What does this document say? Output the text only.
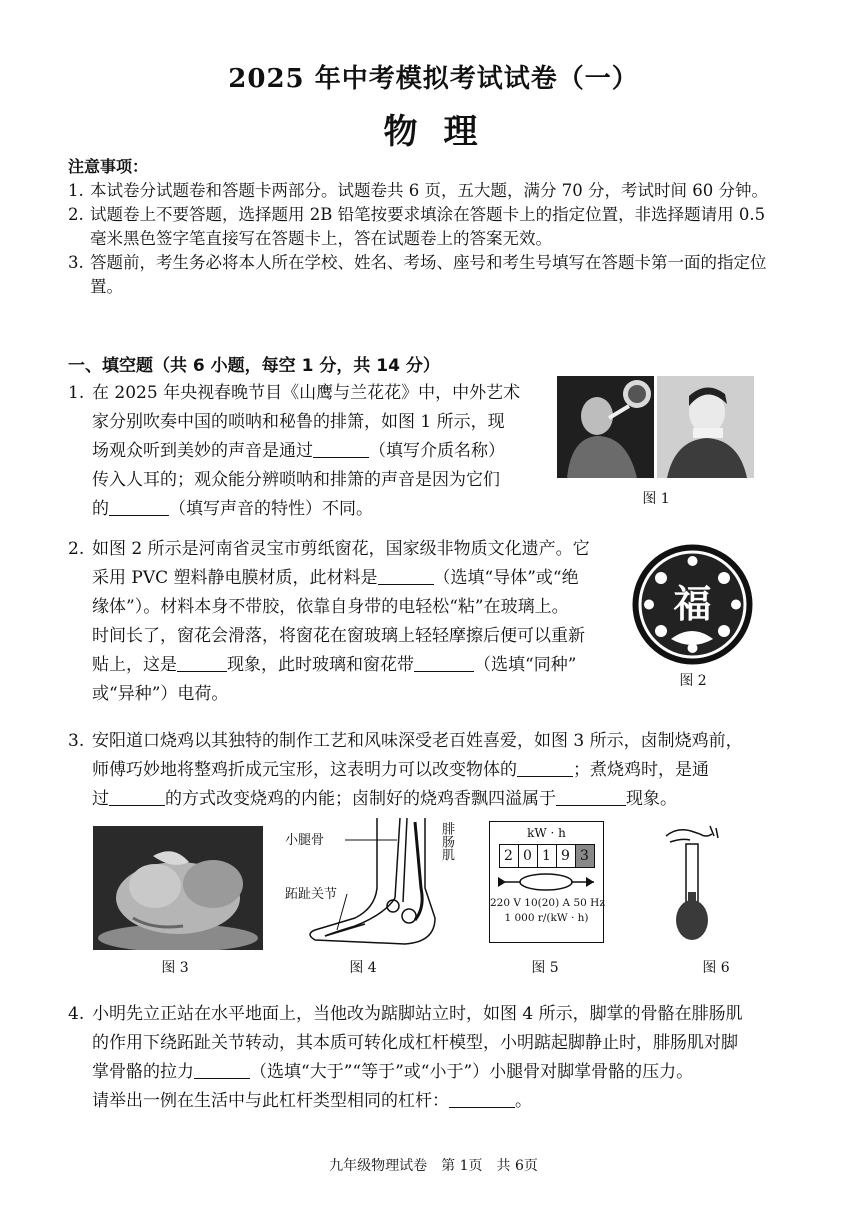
2025 年中考模拟考试试卷（一）
物理
注意事项：
1. 本试卷分试题卷和答题卡两部分。试题卷共 6 页，五大题，满分 70 分，考试时间 60 分钟。
2. 试题卷上不要答题，选择题用 2B 铅笔按要求填涂在答题卡上的指定位置，非选择题请用 0.5 毫米黑色签字笔直接写在答题卡上，答在试题卷上的答案无效。
3. 答题前，考生务必将本人所在学校、姓名、考场、座号和考生号填写在答题卡第一面的指定位置。
一、填空题（共 6 小题，每空 1 分，共 14 分）
1. 在 2025 年央视春晚节目《山鹰与兰花花》中，中外艺术
家分别吹奏中国的唢呐和秘鲁的排箫，如图 1 所示，现
场观众听到美妙的声音是通过	（填写介质名称）
传入人耳的；观众能分辨唢呐和排箫的声音是因为它们
的	（填写声音的特性）不同。	图 1
2. 如图 2 所示是河南省灵宝市剪纸窗花，国家级非物质文化遗产。它
采用 PVC 塑料静电膜材质，此材料是	（选填“导体”或“绝
缘体”）。材料本身不带胶，依靠自身带的电轻松“粘”在玻璃上。
时间长了，窗花会滑落，将窗花在窗玻璃上轻轻摩擦后便可以重新
贴上，这是	现象，此时玻璃和窗花带	（选填“同种”
或“异种”）电荷。
福
图 2
3. 安阳道口烧鸡以其独特的制作工艺和风味深受老百姓喜爱，如图 3 所示，卤制烧鸡前，
师傅巧妙地将整鸡折成元宝形，这表明力可以改变物体的	；煮烧鸡时，是通
过	的方式改变烧鸡的内能；卤制好的烧鸡香飘四溢属于	现象。
小腿骨
跖趾关节
腓肠肌	kW · h
2 0 1 9 3
220 V 10(20) A 50 Hz
1 000 r/(kW · h)
图 3	图 4	图 5	图 6
4. 小明先立正站在水平地面上，当他改为踮脚站立时，如图 4 所示，脚掌的骨骼在腓肠肌
的作用下绕跖趾关节转动，其本质可转化成杠杆模型，小明踮起脚静止时，腓肠肌对脚
掌骨骼的拉力	（选填“大于”“等于”或“小于”）小腿骨对脚掌骨骼的压力。
请举出一例在生活中与此杠杆类型相同的杠杆：	。
九年级物理试卷　第 1页　共 6页
